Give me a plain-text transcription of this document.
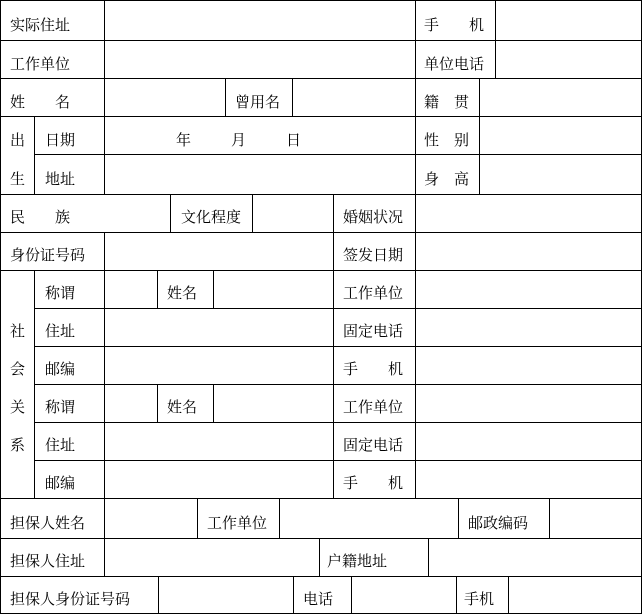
实际住址	手　　机
工作单位	单位电话
姓　　名	曾用名	籍　贯
出 日期	年	月	日	性　别
生 地址	身　高
民　　族	文化程度	婚姻状况
身份证号码	签发日期
社
会
关
系
称谓	姓名	工作单位
住址	固定电话
邮编	手　　机
称谓	姓名	工作单位
住址	固定电话
邮编	手　　机
担保人姓名	工作单位	邮政编码
担保人住址	户籍地址
担保人身份证号码	电话	手机
